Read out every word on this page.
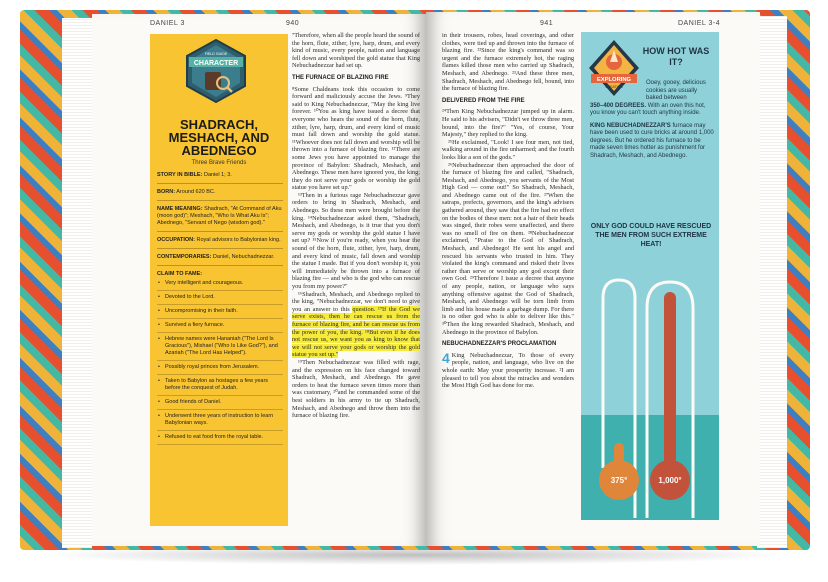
DANIEL 3	940
FIELD GUIDE
CHARACTER
SHADRACH, MESHACH, AND ABEDNEGO
Three Brave Friends
STORY IN BIBLE: Daniel 1; 3.
BORN: Around 620 BC.
NAME MEANING: Shadrach, "At Command of Aku (moon god)"; Meshach, "Who Is What Aku Is"; Abednego, "Servant of Nego (wisdom god)."
OCCUPATION: Royal advisors to Babylonian king.
CONTEMPORARIES: Daniel, Nebuchadnezzar.
CLAIM TO FAME:
• Very intelligent and courageous.
• Devoted to the Lord.
• Uncompromising in their faith.
• Survived a fiery furnace.
• Hebrew names were Hananiah ("The Lord Is Gracious"), Mishael ("Who Is Like God?"), and Azariah ("The Lord Has Helped").
• Possibly royal princes from Jerusalem.
• Taken to Babylon as hostages a few years before the conquest of Judah.
• Good friends of Daniel.
• Underwent three years of instruction to learn Babylonian ways.
• Refused to eat food from the royal table.

⁷Therefore, when all the people heard the sound of the horn, flute, zither, lyre, harp, drum, and every kind of music, every people, nation and language fell down and worshiped the gold statue that King Nebuchadnezzar had set up.

THE FURNACE OF BLAZING FIRE

⁸Some Chaldeans took this occasion to come forward and maliciously accuse the Jews. ⁹They said to King Nebuchadnezzar, "May the king live forever. ¹⁰You as king have issued a decree that everyone who hears the sound of the horn, flute, zither, lyre, harp, drum, and every kind of music must fall down and worship the gold statue. ¹¹Whoever does not fall down and worship will be thrown into a furnace of blazing fire. ¹²There are some Jews you have appointed to manage the province of Babylon: Shadrach, Meshach, and Abednego. These men have ignored you, the king; they do not serve your gods or worship the gold statue you have set up."

¹³Then in a furious rage Nebuchadnezzar gave orders to bring in Shadrach, Meshach, and Abednego. So these men were brought before the king. ¹⁴Nebuchadnezzar asked them, "Shadrach, Meshach, and Abednego, is it true that you don't serve my gods or worship the gold statue I have set up? ¹⁵Now if you're ready, when you hear the sound of the horn, flute, zither, lyre, harp, drum, and every kind of music, fall down and worship the statue I made. But if you don't worship it, you will immediately be thrown into a furnace of blazing fire — and who is the god who can rescue you from my power?"

¹⁶Shadrach, Meshach, and Abednego replied to the king, "Nebuchadnezzar, we don't need to give you an answer to this question. ¹⁷If the God we serve exists, then he can rescue us from the furnace of blazing fire, and he can rescue us from the power of you, the king. ¹⁸But even if he does not rescue us, we want you as king to know that we will not serve your gods or worship the gold statue you set up."

¹⁹Then Nebuchadnezzar was filled with rage, and the expression on his face changed toward Shadrach, Meshach, and Abednego. He gave orders to heat the furnace seven times more than was customary, ²⁰and he commanded some of the best soldiers in his army to tie up Shadrach, Meshach, and Abednego and throw them into the furnace of blazing fire.

941	DANIEL 3-4

in their trousers, robes, head coverings, and other clothes, were tied up and thrown into the furnace of blazing fire. ²²Since the king's command was so urgent and the furnace extremely hot, the raging flames killed those men who carried up Shadrach, Meshach, and Abednego. ²³And these three men, Shadrach, Meshach, and Abednego fell, bound, into the furnace of blazing fire.

DELIVERED FROM THE FIRE

²⁴Then King Nebuchadnezzar jumped up in alarm. He said to his advisers, "Didn't we throw three men, bound, into the fire?" "Yes, of course, Your Majesty," they replied to the king.

²⁵He exclaimed, "Look! I see four men, not tied, walking around in the fire unharmed; and the fourth looks like a son of the gods."

²⁶Nebuchadnezzar then approached the door of the furnace of blazing fire and called, "Shadrach, Meshach, and Abednego, you servants of the Most High God — come out!" So Shadrach, Meshach, and Abednego came out of the fire. ²⁷When the satraps, prefects, governors, and the king's advisers gathered around, they saw that the fire had no effect on the bodies of these men: not a hair of their heads was singed, their robes were unaffected, and there was no smell of fire on them. ²⁸Nebuchadnezzar exclaimed, "Praise to the God of Shadrach, Meshach, and Abednego! He sent his angel and rescued his servants who trusted in him. They violated the king's command and risked their lives rather than serve or worship any god except their own God. ²⁹Therefore I issue a decree that anyone of any people, nation, or language who says anything offensive against the God of Shadrach, Meshach, and Abednego will be torn limb from limb and his house made a garbage dump. For there is no other god who is able to deliver like this." ³⁰Then the king rewarded Shadrach, Meshach, and Abednego in the province of Babylon.

NEBUCHADNEZZAR'S PROCLAMATION

4 King Nebuchadnezzar, To those of every people, nation, and language, who live on the whole earth: May your prosperity increase. ²I am pleased to tell you about the miracles and wonders the Most High God has done for me.

EXPLORING
CREATION
HOW HOT WAS IT?
Ooey, gooey, delicious cookies are usually baked between
350–400 DEGREES. With an oven this hot, you know you can't touch anything inside.
KING NEBUCHADNEZZAR'S furnace may have been used to cure bricks at around 1,000 degrees. But he ordered his furnace to be made seven times hotter as punishment for Shadrach, Meshach, and Abednego.
ONLY GOD COULD HAVE RESCUED THE MEN FROM SUCH EXTREME HEAT!
375°	1,000°
